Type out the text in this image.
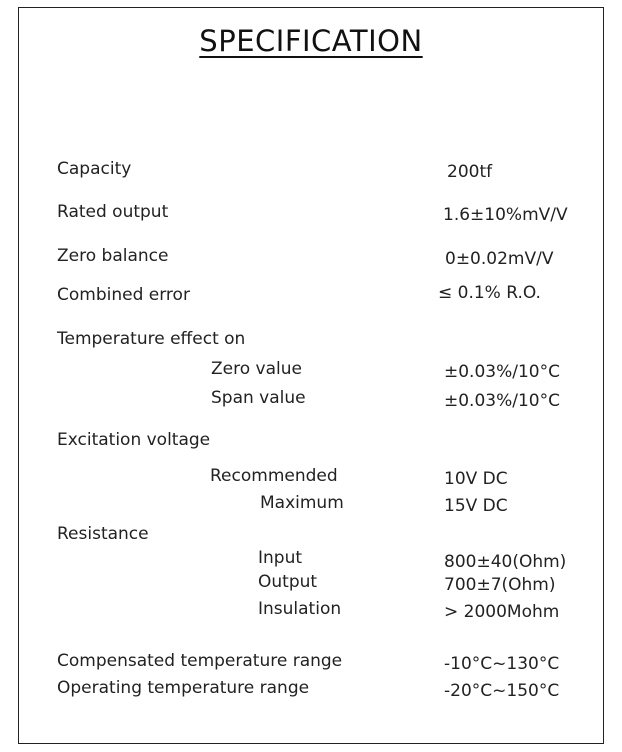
SPECIFICATION
Capacity	200tf
Rated output	1.6±10%mV/V
Zero balance	0±0.02mV/V
Combined error	≤ 0.1% R.O.
Temperature effect on
Zero value	±0.03%/10°C
Span value	±0.03%/10°C
Excitation voltage
Recommended	10V DC
Maximum	15V DC
Resistance
Input	800±40(Ohm)
Output	700±7(Ohm)
Insulation	> 2000Mohm
Compensated temperature range	-10°C~130°C
Operating temperature range	-20°C~150°C
